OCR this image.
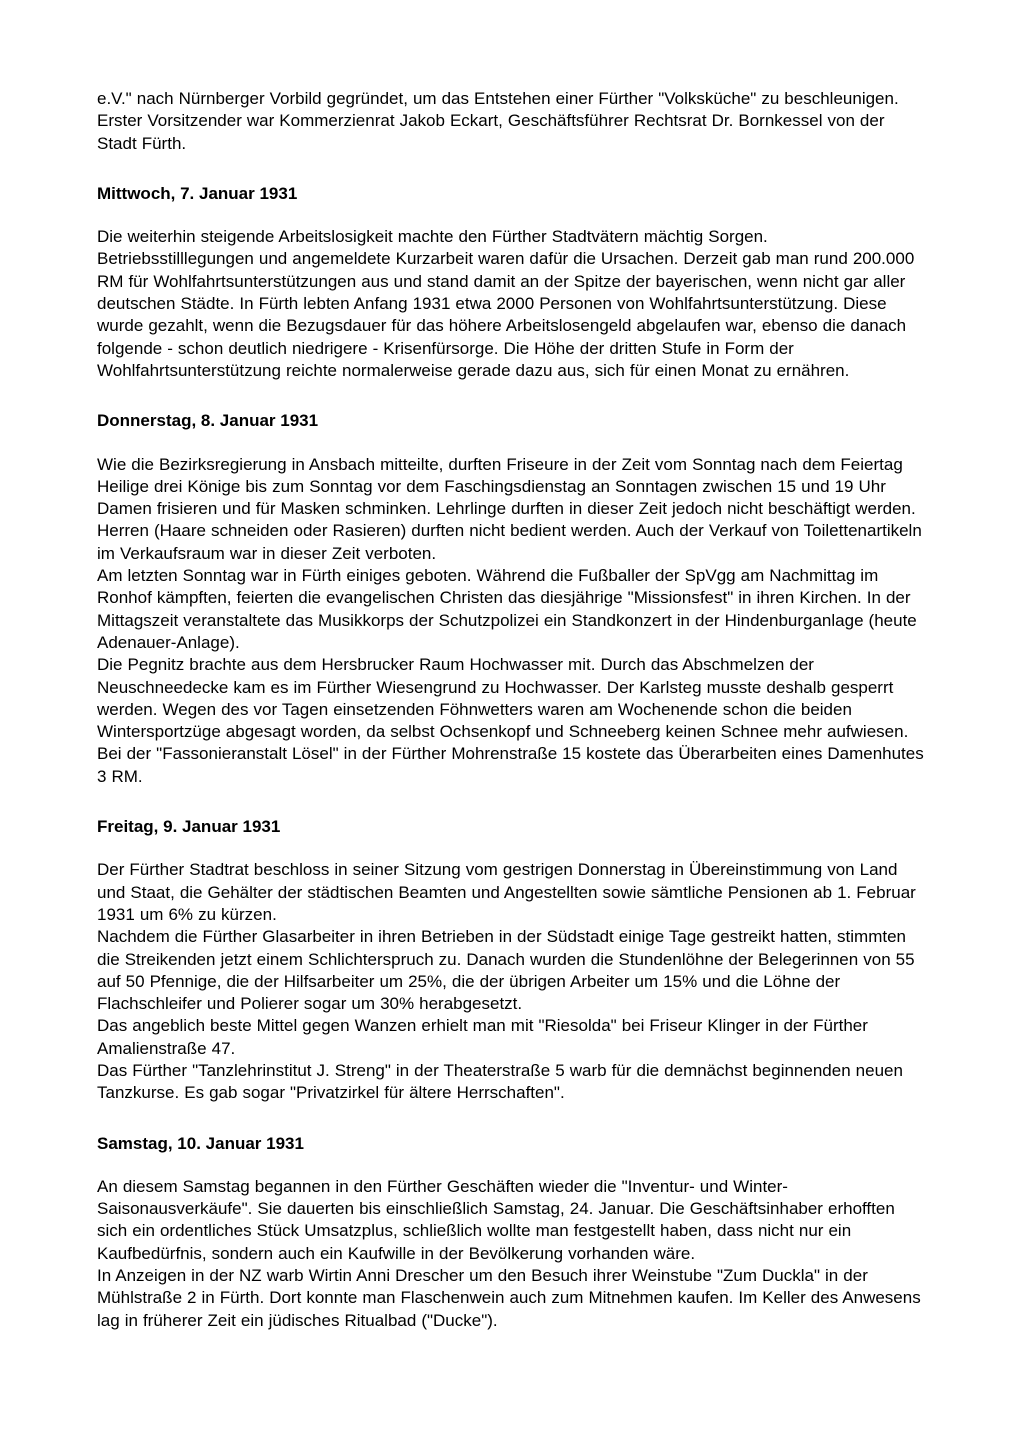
e.V." nach Nürnberger Vorbild gegründet, um das Entstehen einer Fürther "Volksküche" zu beschleunigen. Erster Vorsitzender war Kommerzienrat Jakob Eckart, Geschäftsführer Rechtsrat Dr. Bornkessel von der Stadt Fürth.

Mittwoch, 7. Januar 1931

Die weiterhin steigende Arbeitslosigkeit machte den Fürther Stadtvätern mächtig Sorgen. Betriebsstilllegungen und angemeldete Kurzarbeit waren dafür die Ursachen. Derzeit gab man rund 200.000 RM für Wohlfahrtsunterstützungen aus und stand damit an der Spitze der bayerischen, wenn nicht gar aller deutschen Städte. In Fürth lebten Anfang 1931 etwa 2000 Personen von Wohlfahrtsunterstützung. Diese wurde gezahlt, wenn die Bezugsdauer für das höhere Arbeitslosengeld abgelaufen war, ebenso die danach folgende - schon deutlich niedrigere - Krisenfürsorge. Die Höhe der dritten Stufe in Form der Wohlfahrtsunterstützung reichte normalerweise gerade dazu aus, sich für einen Monat zu ernähren.

Donnerstag, 8. Januar 1931

Wie die Bezirksregierung in Ansbach mitteilte, durften Friseure in der Zeit vom Sonntag nach dem Feiertag Heilige drei Könige bis zum Sonntag vor dem Faschingsdienstag an Sonntagen zwischen 15 und 19 Uhr Damen frisieren und für Masken schminken. Lehrlinge durften in dieser Zeit jedoch nicht beschäftigt werden. Herren (Haare schneiden oder Rasieren) durften nicht bedient werden. Auch der Verkauf von Toilettenartikeln im Verkaufsraum war in dieser Zeit verboten.

Am letzten Sonntag war in Fürth einiges geboten. Während die Fußballer der SpVgg am Nachmittag im Ronhof kämpften, feierten die evangelischen Christen das diesjährige "Missionsfest" in ihren Kirchen. In der Mittagszeit veranstaltete das Musikkorps der Schutzpolizei ein Standkonzert in der Hindenburganlage (heute Adenauer-Anlage).

Die Pegnitz brachte aus dem Hersbrucker Raum Hochwasser mit. Durch das Abschmelzen der Neuschneedecke kam es im Fürther Wiesengrund zu Hochwasser. Der Karlsteg musste deshalb gesperrt werden. Wegen des vor Tagen einsetzenden Föhnwetters waren am Wochenende schon die beiden Wintersportzüge abgesagt worden, da selbst Ochsenkopf und Schneeberg keinen Schnee mehr aufwiesen.

Bei der "Fassonieranstalt Lösel" in der Fürther Mohrenstraße 15 kostete das Überarbeiten eines Damenhutes 3 RM.

Freitag, 9. Januar 1931

Der Fürther Stadtrat beschloss in seiner Sitzung vom gestrigen Donnerstag in Übereinstimmung von Land und Staat, die Gehälter der städtischen Beamten und Angestellten sowie sämtliche Pensionen ab 1. Februar 1931 um 6% zu kürzen.

Nachdem die Fürther Glasarbeiter in ihren Betrieben in der Südstadt einige Tage gestreikt hatten, stimmten die Streikenden jetzt einem Schlichterspruch zu. Danach wurden die Stundenlöhne der Belegerinnen von 55 auf 50 Pfennige, die der Hilfsarbeiter um 25%, die der übrigen Arbeiter um 15% und die Löhne der Flachschleifer und Polierer sogar um 30% herabgesetzt.

Das angeblich beste Mittel gegen Wanzen erhielt man mit "Riesolda" bei Friseur Klinger in der Fürther Amalienstraße 47.

Das Fürther "Tanzlehrinstitut J. Streng" in der Theaterstraße 5 warb für die demnächst beginnenden neuen Tanzkurse. Es gab sogar "Privatzirkel für ältere Herrschaften".

Samstag, 10. Januar 1931

An diesem Samstag begannen in den Fürther Geschäften wieder die "Inventur- und Winter-Saisonausverkäufe". Sie dauerten bis einschließlich Samstag, 24. Januar. Die Geschäftsinhaber erhofften sich ein ordentliches Stück Umsatzplus, schließlich wollte man festgestellt haben, dass nicht nur ein Kaufbedürfnis, sondern auch ein Kaufwille in der Bevölkerung vorhanden wäre.

In Anzeigen in der NZ warb Wirtin Anni Drescher um den Besuch ihrer Weinstube "Zum Duckla" in der Mühlstraße 2 in Fürth. Dort konnte man Flaschenwein auch zum Mitnehmen kaufen. Im Keller des Anwesens lag in früherer Zeit ein jüdisches Ritualbad ("Ducke").
